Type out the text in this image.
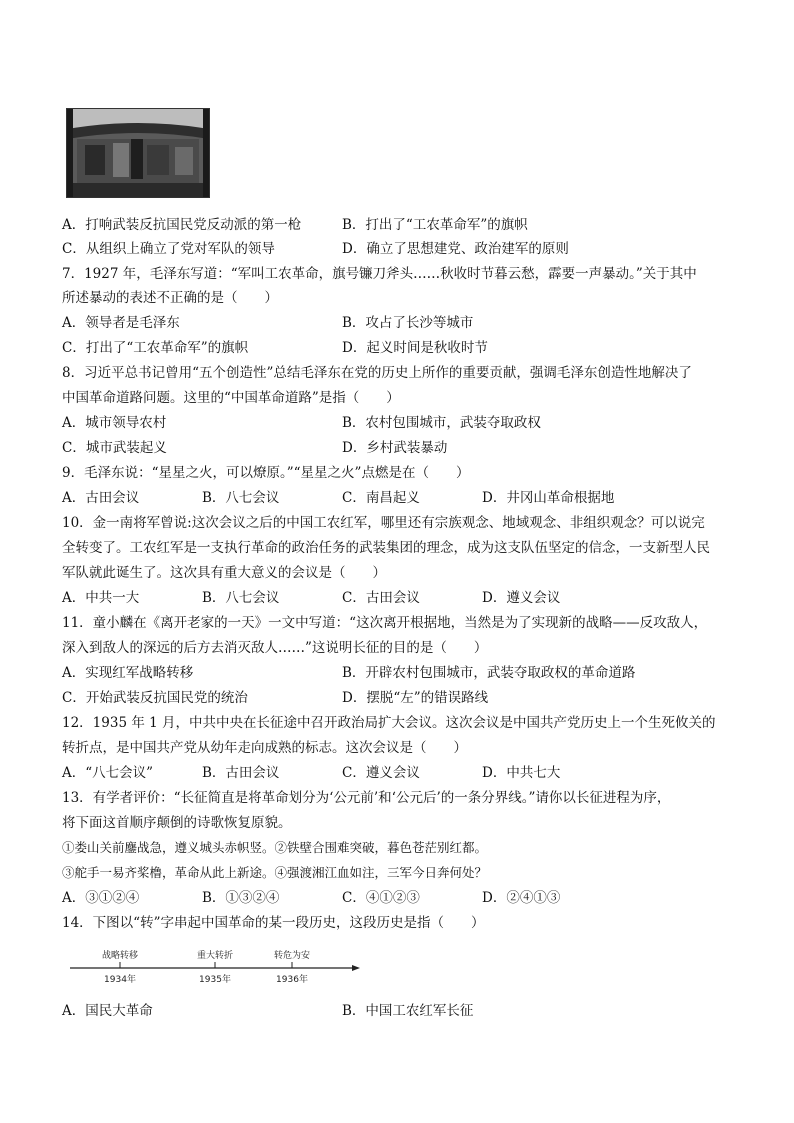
A．打响武装反抗国民党反动派的第一枪	B．打出了“工农革命军”的旗帜
C．从组织上确立了党对军队的领导	D．确立了思想建党、政治建军的原则
7．1927 年，毛泽东写道：“军叫工农革命，旗号镰刀斧头……秋收时节暮云愁，霹要一声暴动。”关于其中
所述暴动的表述不正确的是（　　）
A．领导者是毛泽东	B．攻占了长沙等城市
C．打出了“工农革命军”的旗帜	D．起义时间是秋收时节
8．习近平总书记曾用“五个创造性”总结毛泽东在党的历史上所作的重要贡献，强调毛泽东创造性地解决了
中国革命道路问题。这里的“中国革命道路”是指（　　）
A．城市领导农村	B．农村包围城市，武装夺取政权
C．城市武装起义	D．乡村武装暴动
9．毛泽东说：“星星之火，可以燎原。”“星星之火”点燃是在（　　）
A．古田会议	B．八七会议	C．南昌起义	D．井冈山革命根据地
10．金一南将军曾说:这次会议之后的中国工农红军，哪里还有宗族观念、地域观念、非组织观念？可以说完
全转变了。工农红军是一支执行革命的政治任务的武装集团的理念，成为这支队伍坚定的信念，一支新型人民
军队就此诞生了。这次具有重大意义的会议是（　　）
A．中共一大	B．八七会议	C．古田会议	D．遵义会议
11．童小麟在《离开老家的一天》一文中写道：“这次离开根据地，当然是为了实现新的战略——反攻敌人，
深入到敌人的深远的后方去消灭敌人……”这说明长征的目的是（　　）
A．实现红军战略转移	B．开辟农村包围城市，武装夺取政权的革命道路
C．开始武装反抗国民党的统治	D．摆脱“左”的错误路线
12．1935 年 1 月，中共中央在长征途中召开政治局扩大会议。这次会议是中国共产党历史上一个生死攸关的
转折点，是中国共产党从幼年走向成熟的标志。这次会议是（　　）
A．“八七会议”	B．古田会议	C．遵义会议	D．中共七大
13．有学者评价：“长征简直是将革命划分为‘公元前’和‘公元后’的一条分界线。”请你以长征进程为序，
将下面这首顺序颠倒的诗歌恢复原貌。
①娄山关前鏖战急，遵义城头赤帜竖。②铁壁合围难突破，暮色苍茫别红都。
③舵手一易齐桨橹，革命从此上新途。④强渡湘江血如注，三军今日奔何处？
A．③①②④	B．①③②④	C．④①②③	D．②④①③
14．下图以“转”字串起中国革命的某一段历史，这段历史是指（　　）
战略转移	重大转折	转危为安
1934年	1935年	1936年
A．国民大革命	B．中国工农红军长征
